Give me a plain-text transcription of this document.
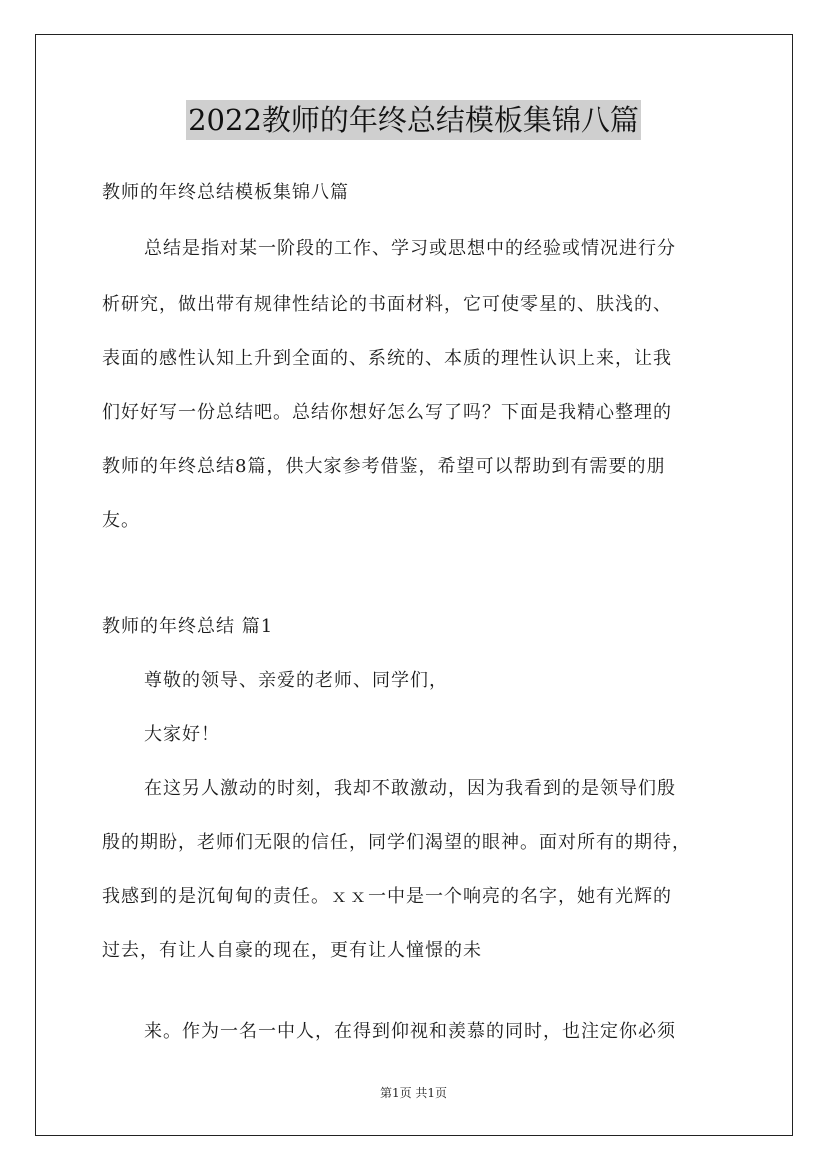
2022教师的年终总结模板集锦八篇
教师的年终总结模板集锦八篇
总结是指对某一阶段的工作、学习或思想中的经验或情况进行分
析研究，做出带有规律性结论的书面材料，它可使零星的、肤浅的、
表面的感性认知上升到全面的、系统的、本质的理性认识上来，让我
们好好写一份总结吧。总结你想好怎么写了吗？下面是我精心整理的
教师的年终总结8篇，供大家参考借鉴，希望可以帮助到有需要的朋
友。
教师的年终总结 篇1
尊敬的领导、亲爱的老师、同学们，
大家好！
在这另人激动的时刻，我却不敢激动，因为我看到的是领导们殷
殷的期盼，老师们无限的信任，同学们渴望的眼神。面对所有的期待，
我感到的是沉甸甸的责任。ｘｘ一中是一个响亮的名字，她有光辉的
过去，有让人自豪的现在，更有让人憧憬的未
来。作为一名一中人，在得到仰视和羡慕的同时，也注定你必须
第1页 共1页
